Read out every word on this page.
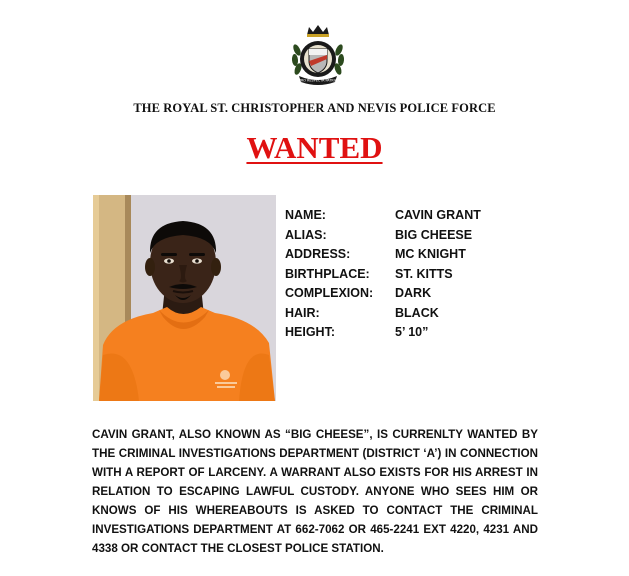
PRO RESPECTA PATRIA
THE ROYAL ST. CHRISTOPHER AND NEVIS POLICE FORCE
WANTED
NAME:	CAVIN GRANT
ALIAS:	BIG CHEESE
ADDRESS:	MC KNIGHT
BIRTHPLACE: ST. KITTS
COMPLEXION: DARK
HAIR:	BLACK
HEIGHT:	5’ 10”

CAVIN GRANT, ALSO KNOWN AS “BIG CHEESE”, IS CURRENLTY WANTED BY THE CRIMINAL INVESTIGATIONS DEPARTMENT (DISTRICT ‘A’) IN CONNECTION WITH A REPORT OF LARCENY. A WARRANT ALSO EXISTS FOR HIS ARREST IN RELATION TO ESCAPING LAWFUL CUSTODY. ANYONE WHO SEES HIM OR KNOWS OF HIS WHEREABOUTS IS ASKED TO CONTACT THE CRIMINAL INVESTIGATIONS DEPARTMENT AT 662-7062 OR 465-2241 EXT 4220, 4231 AND 4338 OR CONTACT THE CLOSEST POLICE STATION.
